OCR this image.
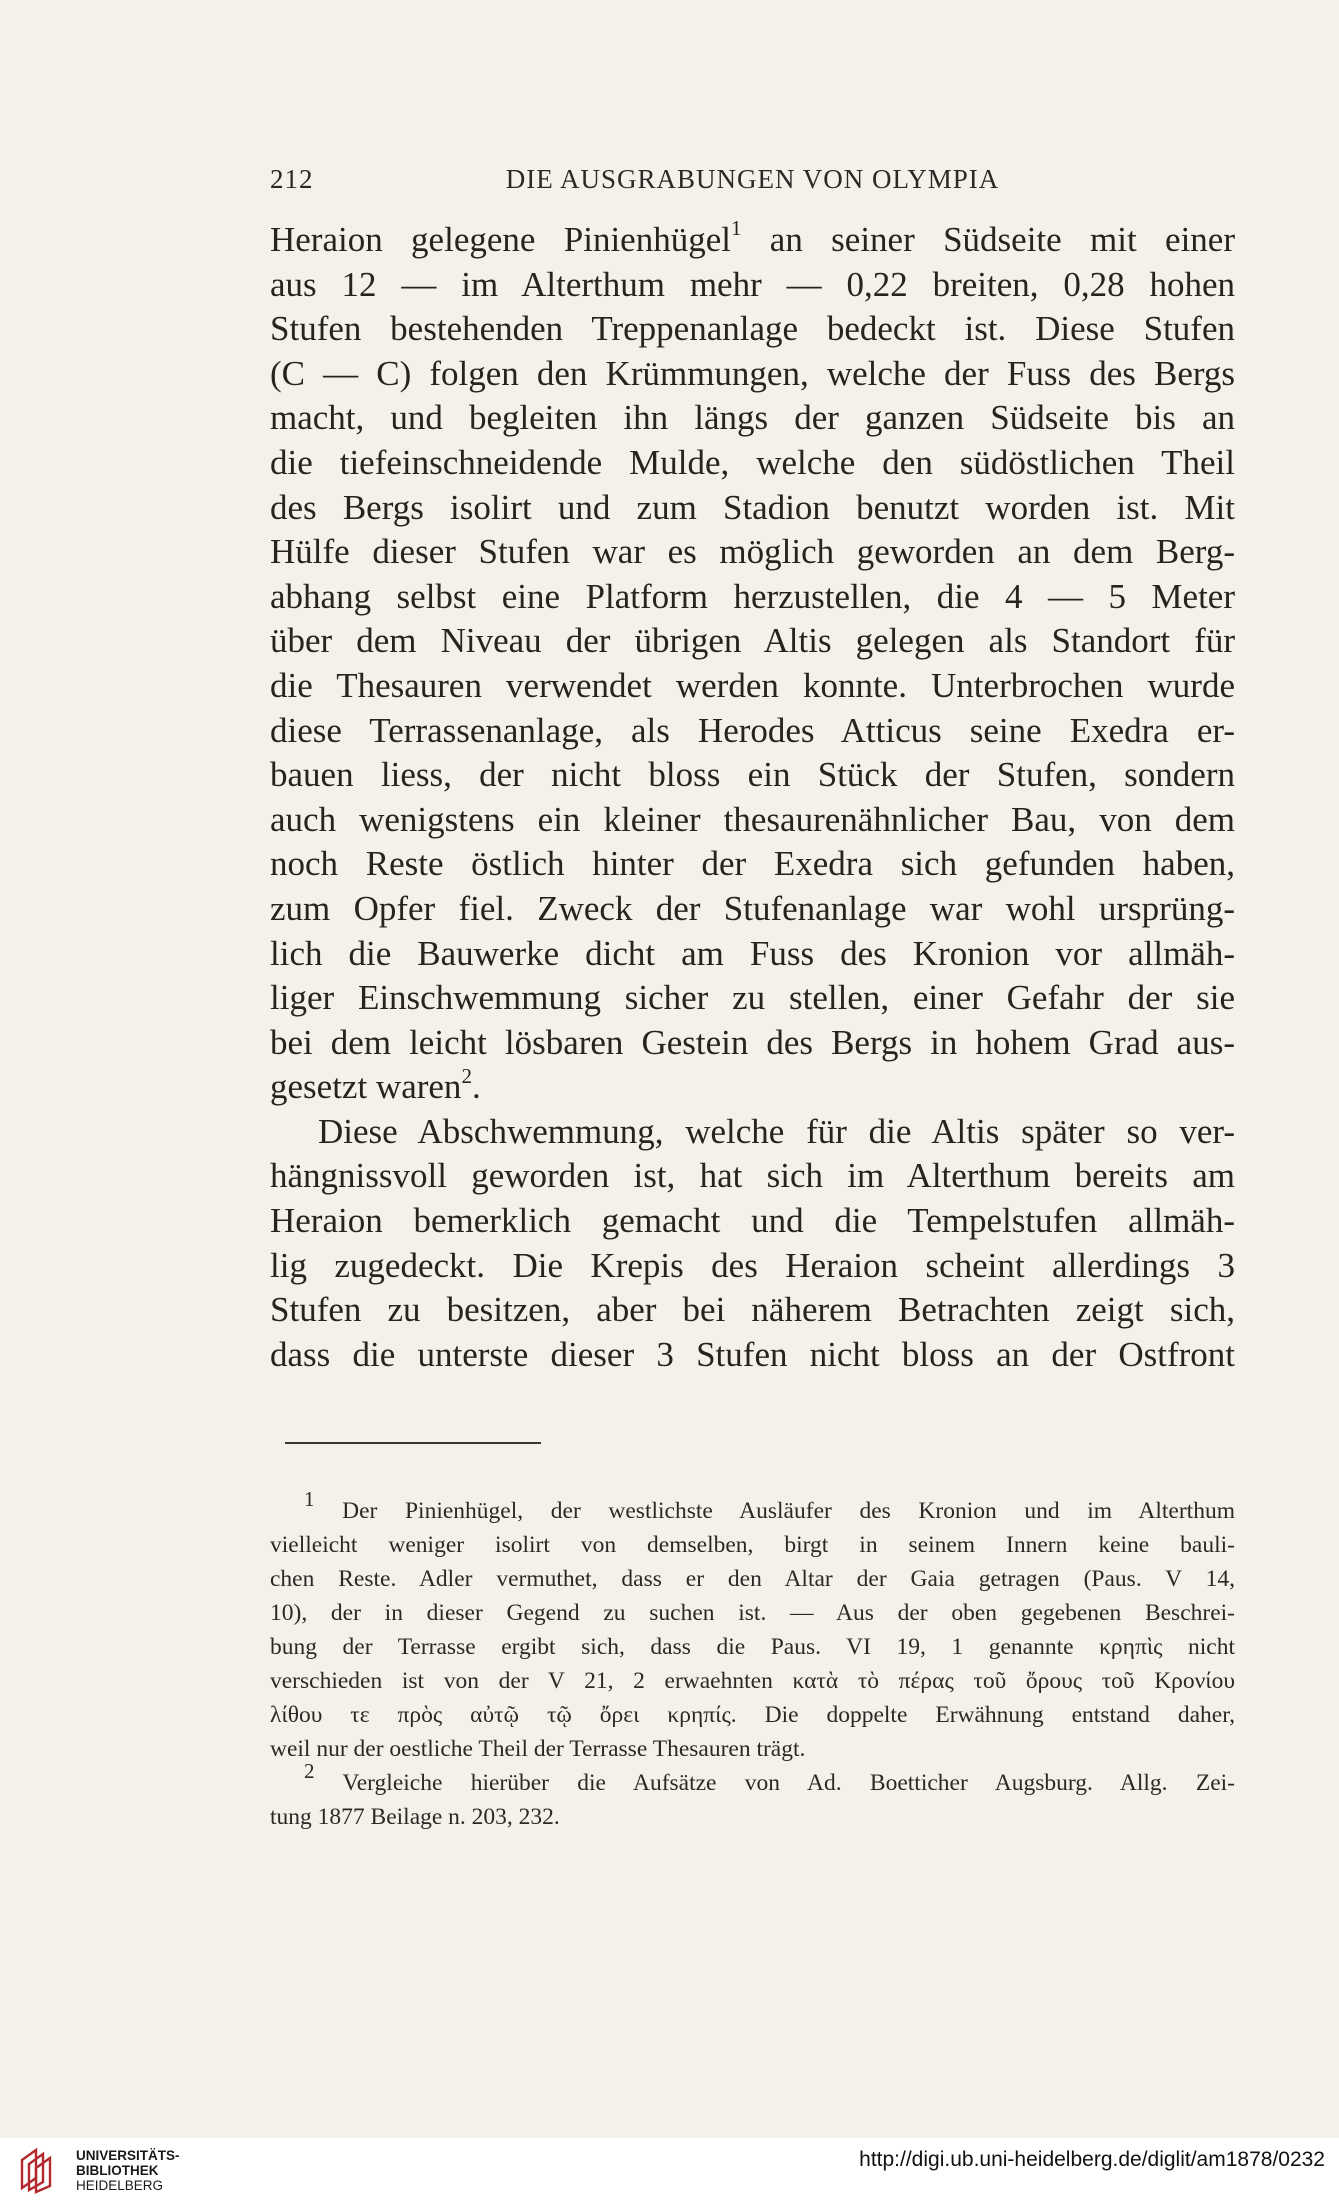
212	DIE AUSGRABUNGEN VON OLYMPIA
Heraion gelegene Pinienhügel$^1$ an seiner Südseite mit einer
aus 12 — im Alterthum mehr — 0,22 breiten, 0,28 hohen
Stufen bestehenden Treppenanlage bedeckt ist. Diese Stufen
(C — C) folgen den Krümmungen, welche der Fuss des Bergs
macht, und begleiten ihn längs der ganzen Südseite bis an
die tiefeinschneidende Mulde, welche den südöstlichen Theil
des Bergs isolirt und zum Stadion benutzt worden ist. Mit
Hülfe dieser Stufen war es möglich geworden an dem Berg-
abhang selbst eine Platform herzustellen, die 4 — 5 Meter
über dem Niveau der übrigen Altis gelegen als Standort für
die Thesauren verwendet werden konnte. Unterbrochen wurde
diese Terrassenanlage, als Herodes Atticus seine Exedra er-
bauen liess, der nicht bloss ein Stück der Stufen, sondern
auch wenigstens ein kleiner thesaurenähnlicher Bau, von dem
noch Reste östlich hinter der Exedra sich gefunden haben,
zum Opfer fiel. Zweck der Stufenanlage war wohl ursprüng-
lich die Bauwerke dicht am Fuss des Kronion vor allmäh-
liger Einschwemmung sicher zu stellen, einer Gefahr der sie
bei dem leicht lösbaren Gestein des Bergs in hohem Grad aus-
gesetzt waren$^2$.
Diese Abschwemmung, welche für die Altis später so ver-
hängnissvoll geworden ist, hat sich im Alterthum bereits am
Heraion bemerklich gemacht und die Tempelstufen allmäh-
lig zugedeckt. Die Krepis des Heraion scheint allerdings 3
Stufen zu besitzen, aber bei näherem Betrachten zeigt sich,
dass die unterste dieser 3 Stufen nicht bloss an der Ostfront
$^1$ Der Pinienhügel, der westlichste Ausläufer des Kronion und im Alterthum
vielleicht weniger isolirt von demselben, birgt in seinem Innern keine bauli-
chen Reste. Adler vermuthet, dass er den Altar der Gaia getragen (Paus. V 14,
10), der in dieser Gegend zu suchen ist. — Aus der oben gegebenen Beschrei-
bung der Terrasse ergibt sich, dass die Paus. VI 19, 1 genannte κρηπὶς nicht
verschieden ist von der V 21, 2 erwaehnten κατὰ τὸ πέρας τοῦ ὄρους τοῦ Κρονίου
λίθου τε πρὸς αὐτῷ τῷ ὄρει κρηπίς. Die doppelte Erwähnung entstand daher,
weil nur der oestliche Theil der Terrasse Thesauren trägt.
$^2$ Vergleiche hierüber die Aufsätze von Ad. Boetticher Augsburg. Allg. Zei-
tung 1877 Beilage n. 203, 232.
UNIVERSITÄTS-
BIBLIOTHEK
HEIDELBERG
http://digi.ub.uni-heidelberg.de/diglit/am1878/0232
